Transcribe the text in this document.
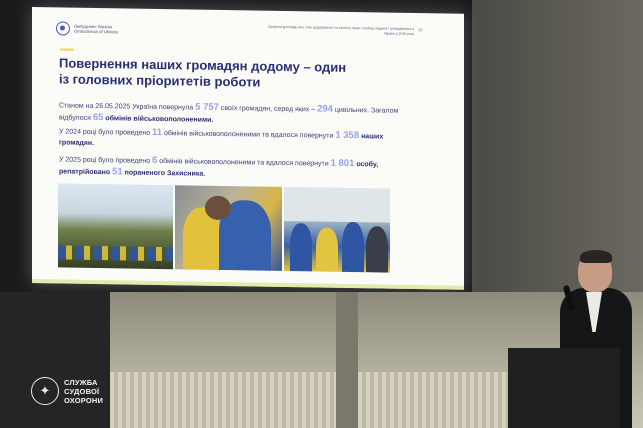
Омбудсмен України
Ombudsman of Ukraine
Щорічна доповідь про стан додержання та захисту прав і свобод людини і громадянина в Україні у 2025 році
12
Повернення наших громадян додому – один із головних пріоритетів роботи

Станом на 26.05.2025 Україна повернула 5 757 своїх громадян, серед яких – 294 цивільних. Загалом відбулося 65 обмінів військовополоненими.

У 2024 році було проведено 11 обмінів військовополоненими та вдалося повернути 1 358 наших громадян.

У 2025 році було проведено 6 обмінів військовополоненими та вдалося повернути 1 801 особу, репатрійовано 51 пораненого Захисника.

✦
СЛУЖБА
СУДОВОЇ
ОХОРОНИ
